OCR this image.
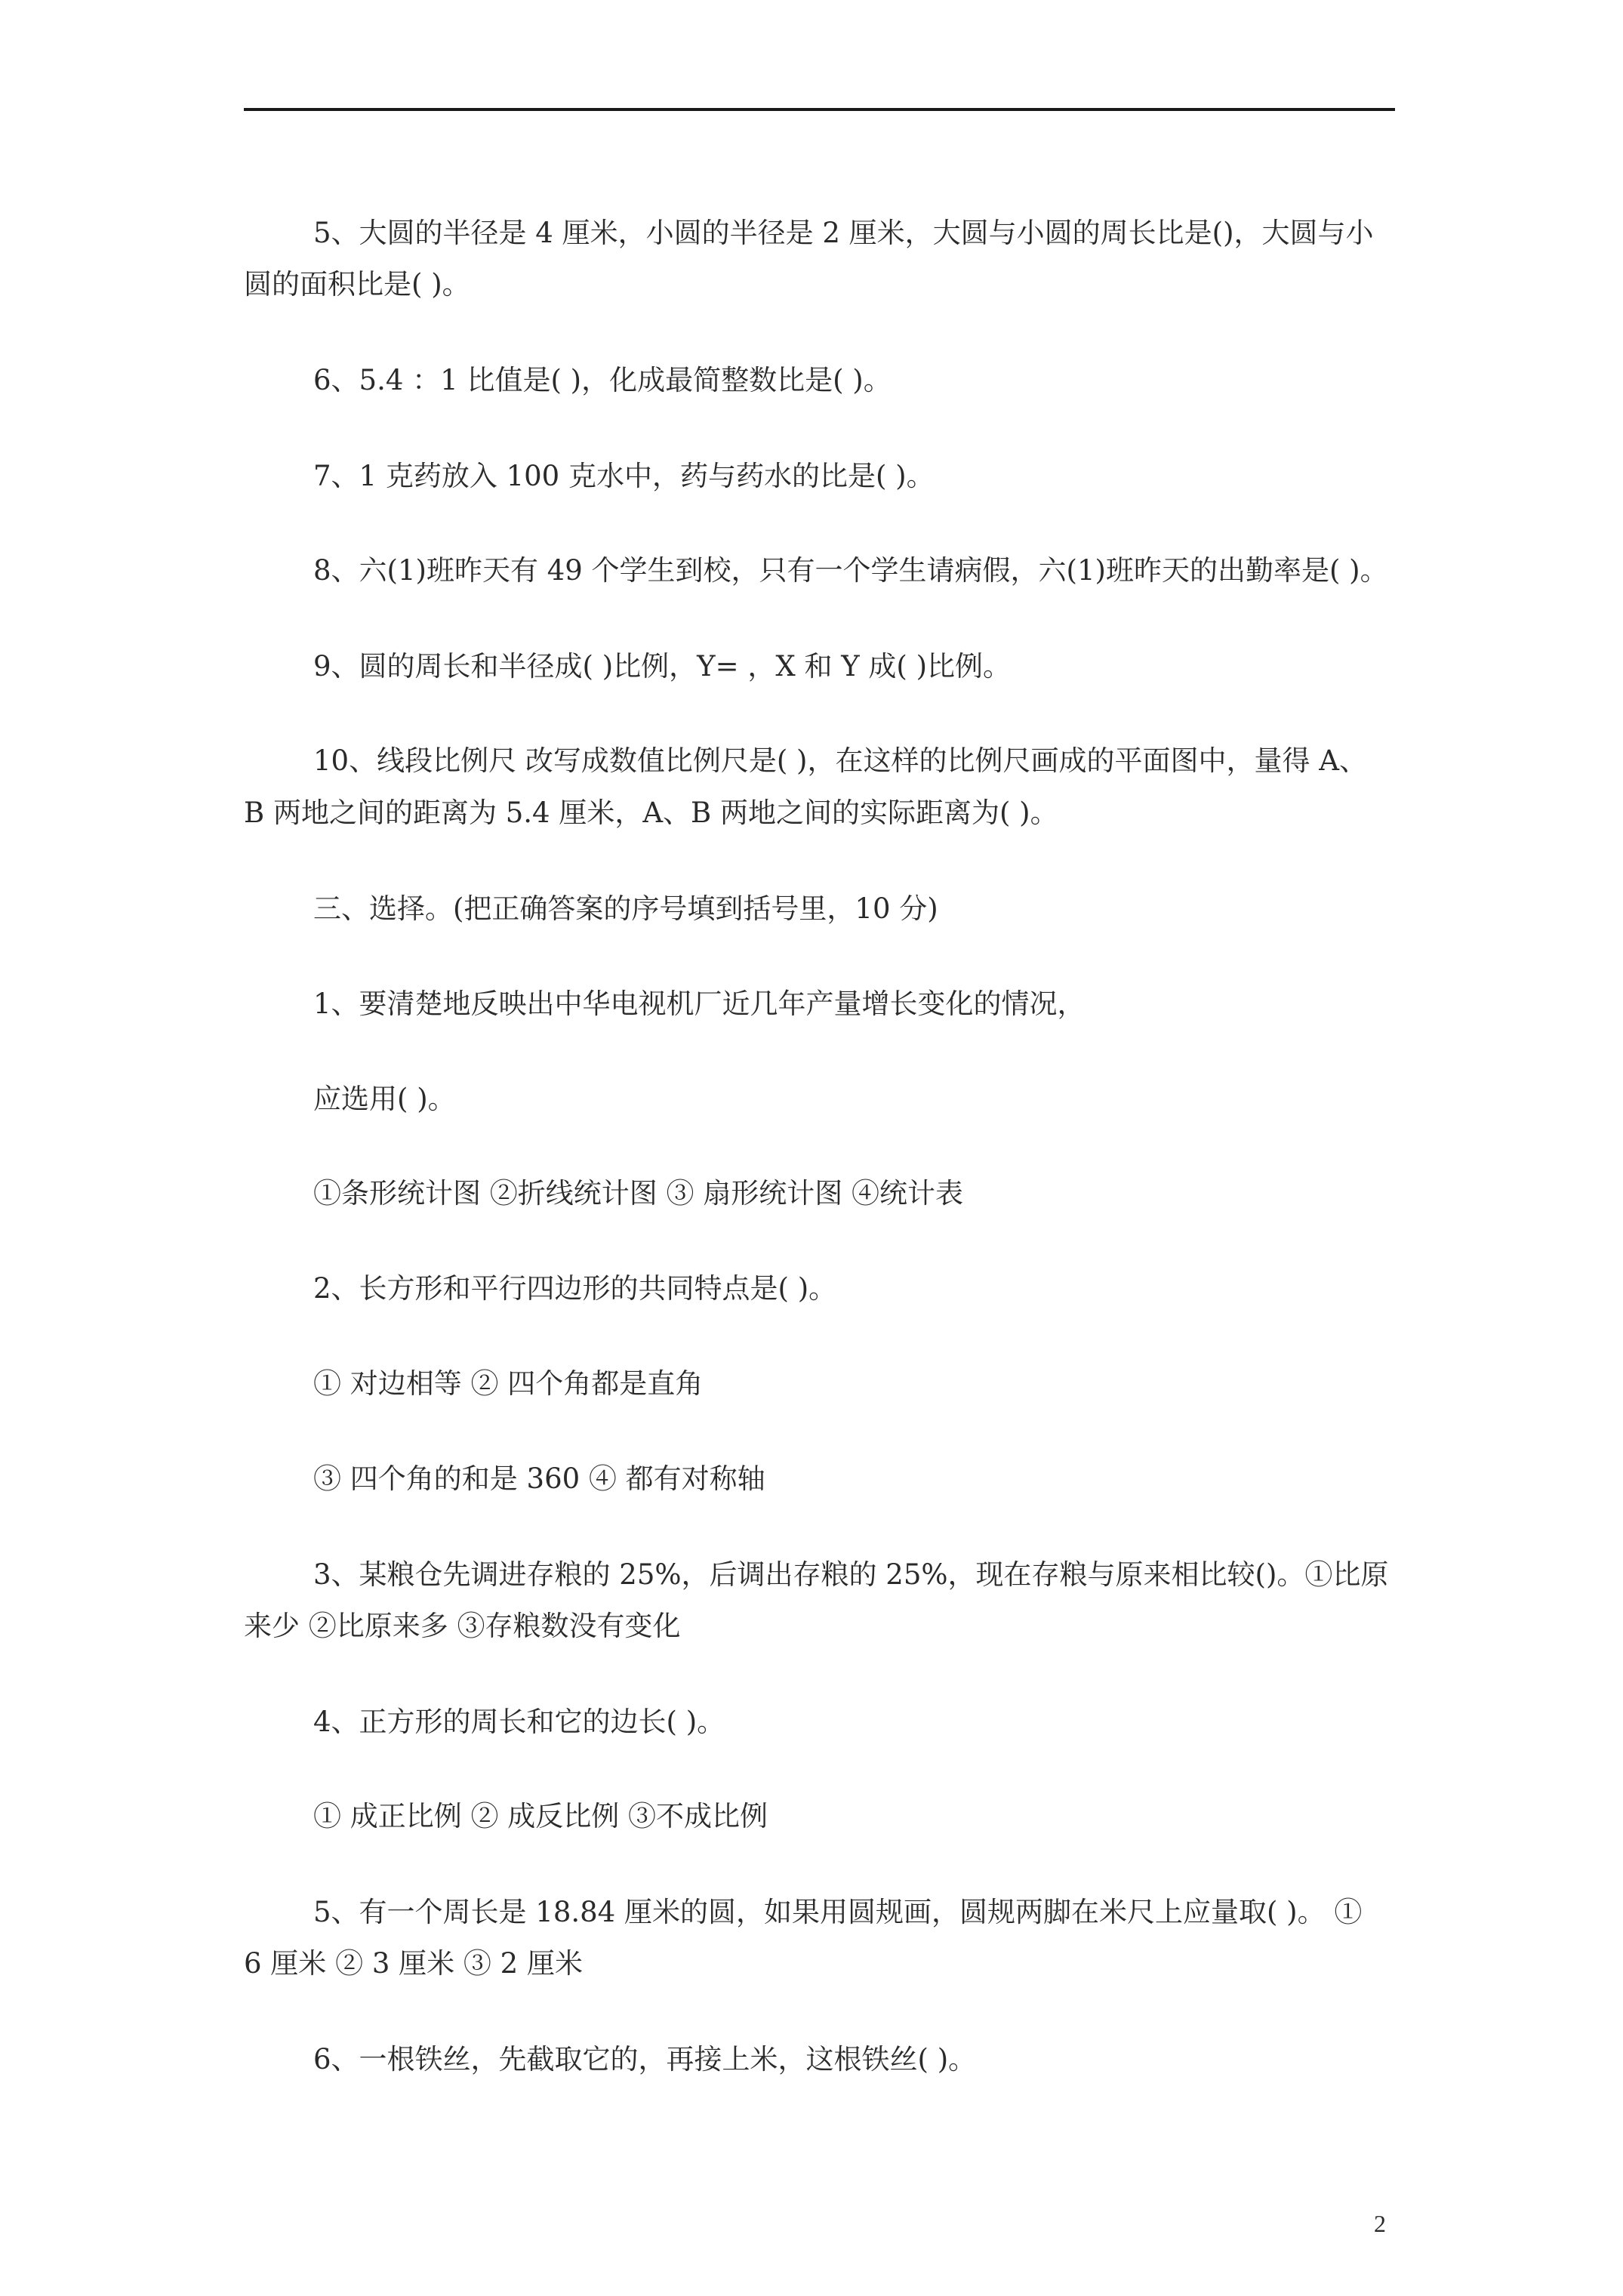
5、大圆的半径是 4 厘米，小圆的半径是 2 厘米，大圆与小圆的周长比是()，大圆与小
圆的面积比是( )。
6、5.4 ：1 比值是( )，化成最简整数比是( )。
7、1 克药放入 100 克水中，药与药水的比是( )。
8、六(1)班昨天有 49 个学生到校，只有一个学生请病假，六(1)班昨天的出勤率是( )。
9、圆的周长和半径成( )比例，Y= ，X 和 Y 成( )比例。
10、线段比例尺 改写成数值比例尺是( )，在这样的比例尺画成的平面图中，量得 A、
B 两地之间的距离为 5.4 厘米，A、B 两地之间的实际距离为( )。
三、选择。(把正确答案的序号填到括号里，10 分)
1、要清楚地反映出中华电视机厂近几年产量增长变化的情况，
应选用( )。
①条形统计图 ②折线统计图 ③ 扇形统计图 ④统计表
2、长方形和平行四边形的共同特点是( )。
① 对边相等 ② 四个角都是直角
③ 四个角的和是 360 ④ 都有对称轴
3、某粮仓先调进存粮的 25%，后调出存粮的 25%，现在存粮与原来相比较()。①比原
来少 ②比原来多 ③存粮数没有变化
4、正方形的周长和它的边长( )。
① 成正比例 ② 成反比例 ③不成比例
5、有一个周长是 18.84 厘米的圆，如果用圆规画，圆规两脚在米尺上应量取( )。 ①
6 厘米 ② 3 厘米 ③ 2 厘米
6、一根铁丝，先截取它的，再接上米，这根铁丝( )。
2
